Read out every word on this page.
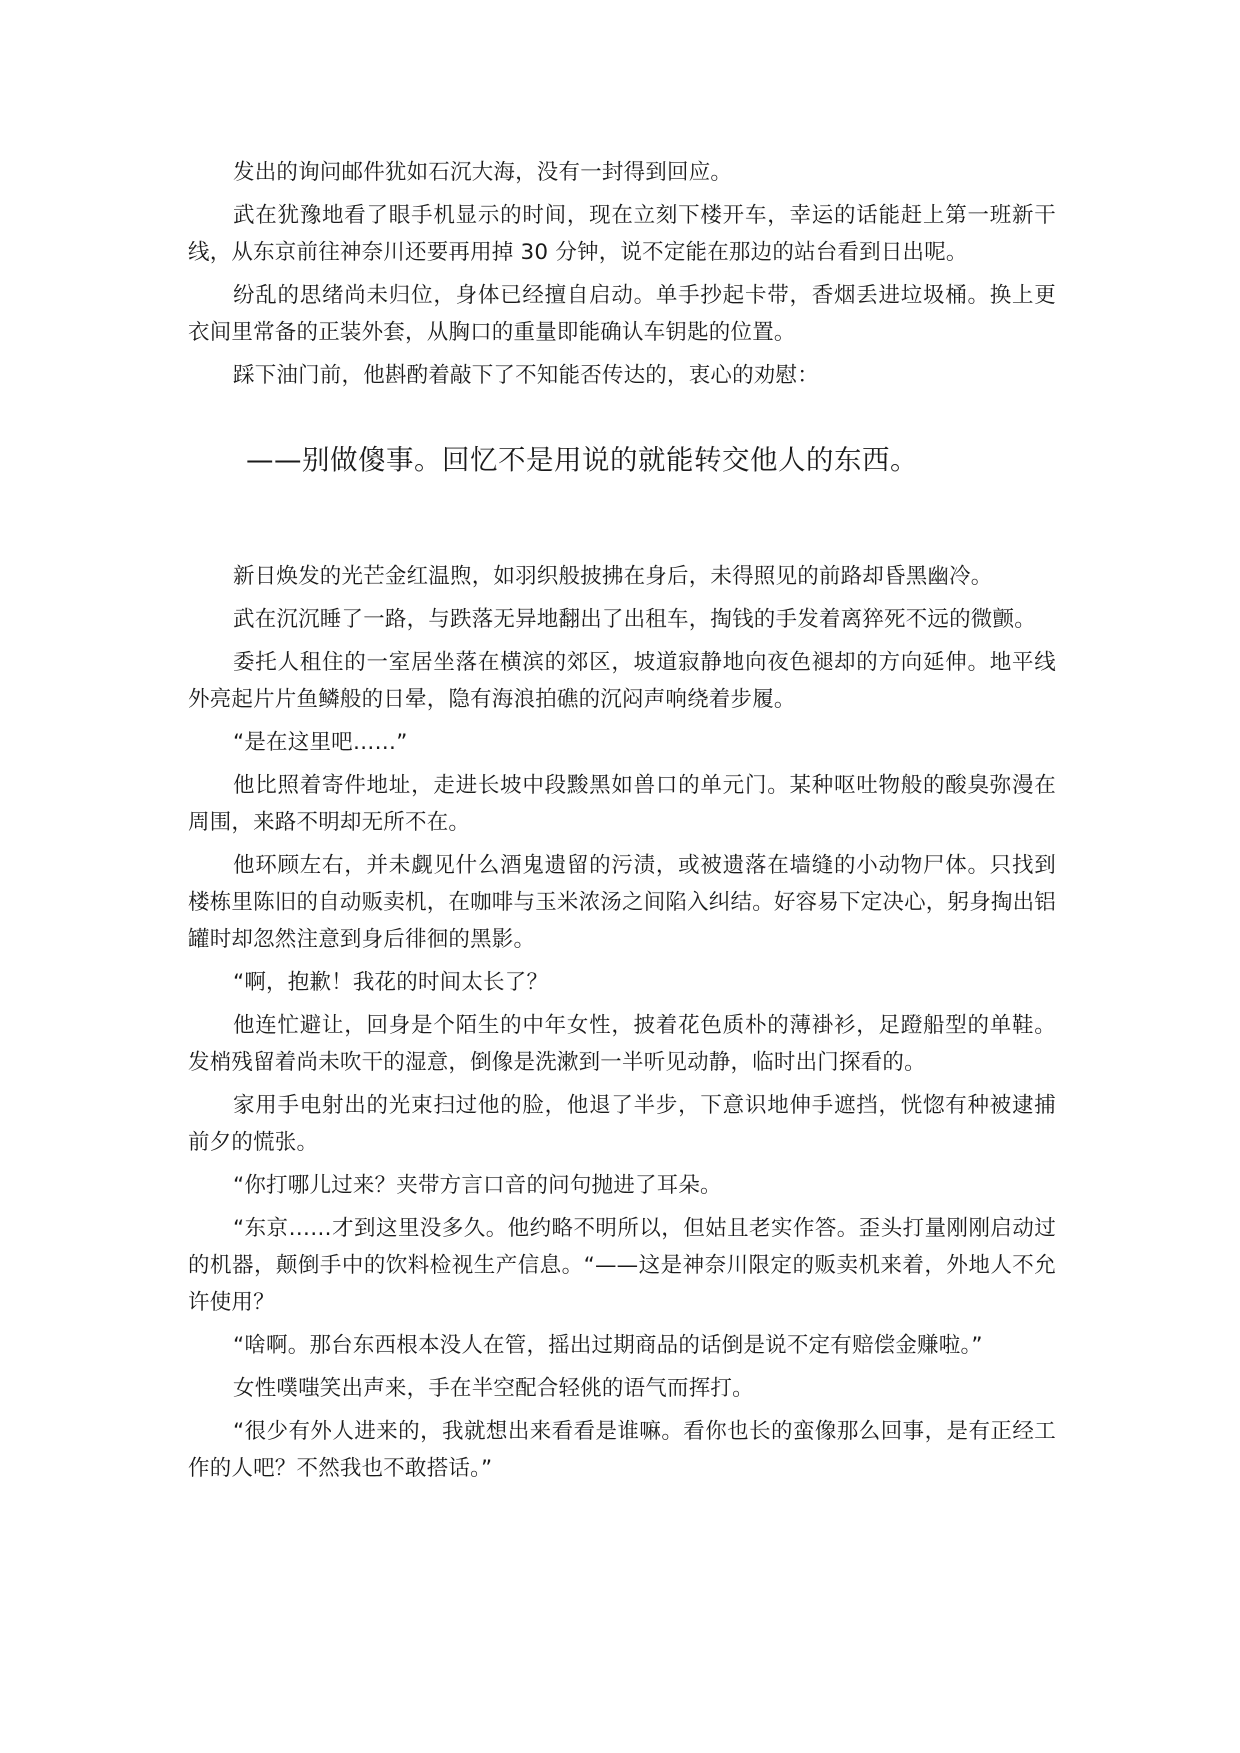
发出的询问邮件犹如石沉大海，没有一封得到回应。

武在犹豫地看了眼手机显示的时间，现在立刻下楼开车，幸运的话能赶上第一班新干线，从东京前往神奈川还要再用掉 30 分钟，说不定能在那边的站台看到日出呢。

纷乱的思绪尚未归位，身体已经擅自启动。单手抄起卡带，香烟丢进垃圾桶。换上更衣间里常备的正装外套，从胸口的重量即能确认车钥匙的位置。

踩下油门前，他斟酌着敲下了不知能否传达的，衷心的劝慰：

——别做傻事。回忆不是用说的就能转交他人的东西。

新日焕发的光芒金红温煦，如羽织般披拂在身后，未得照见的前路却昏黑幽冷。

武在沉沉睡了一路，与跌落无异地翻出了出租车，掏钱的手发着离猝死不远的微颤。

委托人租住的一室居坐落在横滨的郊区，坡道寂静地向夜色褪却的方向延伸。地平线外亮起片片鱼鳞般的日晕，隐有海浪拍礁的沉闷声响绕着步履。

“是在这里吧……”

他比照着寄件地址，走进长坡中段黢黑如兽口的单元门。某种呕吐物般的酸臭弥漫在周围，来路不明却无所不在。

他环顾左右，并未觑见什么酒鬼遗留的污渍，或被遗落在墙缝的小动物尸体。只找到楼栋里陈旧的自动贩卖机，在咖啡与玉米浓汤之间陷入纠结。好容易下定决心，躬身掏出铝罐时却忽然注意到身后徘徊的黑影。

“啊，抱歉！我花的时间太长了？

他连忙避让，回身是个陌生的中年女性，披着花色质朴的薄褂衫，足蹬船型的单鞋。发梢残留着尚未吹干的湿意，倒像是洗漱到一半听见动静，临时出门探看的。

家用手电射出的光束扫过他的脸，他退了半步，下意识地伸手遮挡，恍惚有种被逮捕前夕的慌张。

“你打哪儿过来？夹带方言口音的问句抛进了耳朵。

“东京……才到这里没多久。他约略不明所以，但姑且老实作答。歪头打量刚刚启动过的机器，颠倒手中的饮料检视生产信息。“——这是神奈川限定的贩卖机来着，外地人不允许使用？

“啥啊。那台东西根本没人在管，摇出过期商品的话倒是说不定有赔偿金赚啦。”

女性噗嗤笑出声来，手在半空配合轻佻的语气而挥打。

“很少有外人进来的，我就想出来看看是谁嘛。看你也长的蛮像那么回事，是有正经工作的人吧？不然我也不敢搭话。”
